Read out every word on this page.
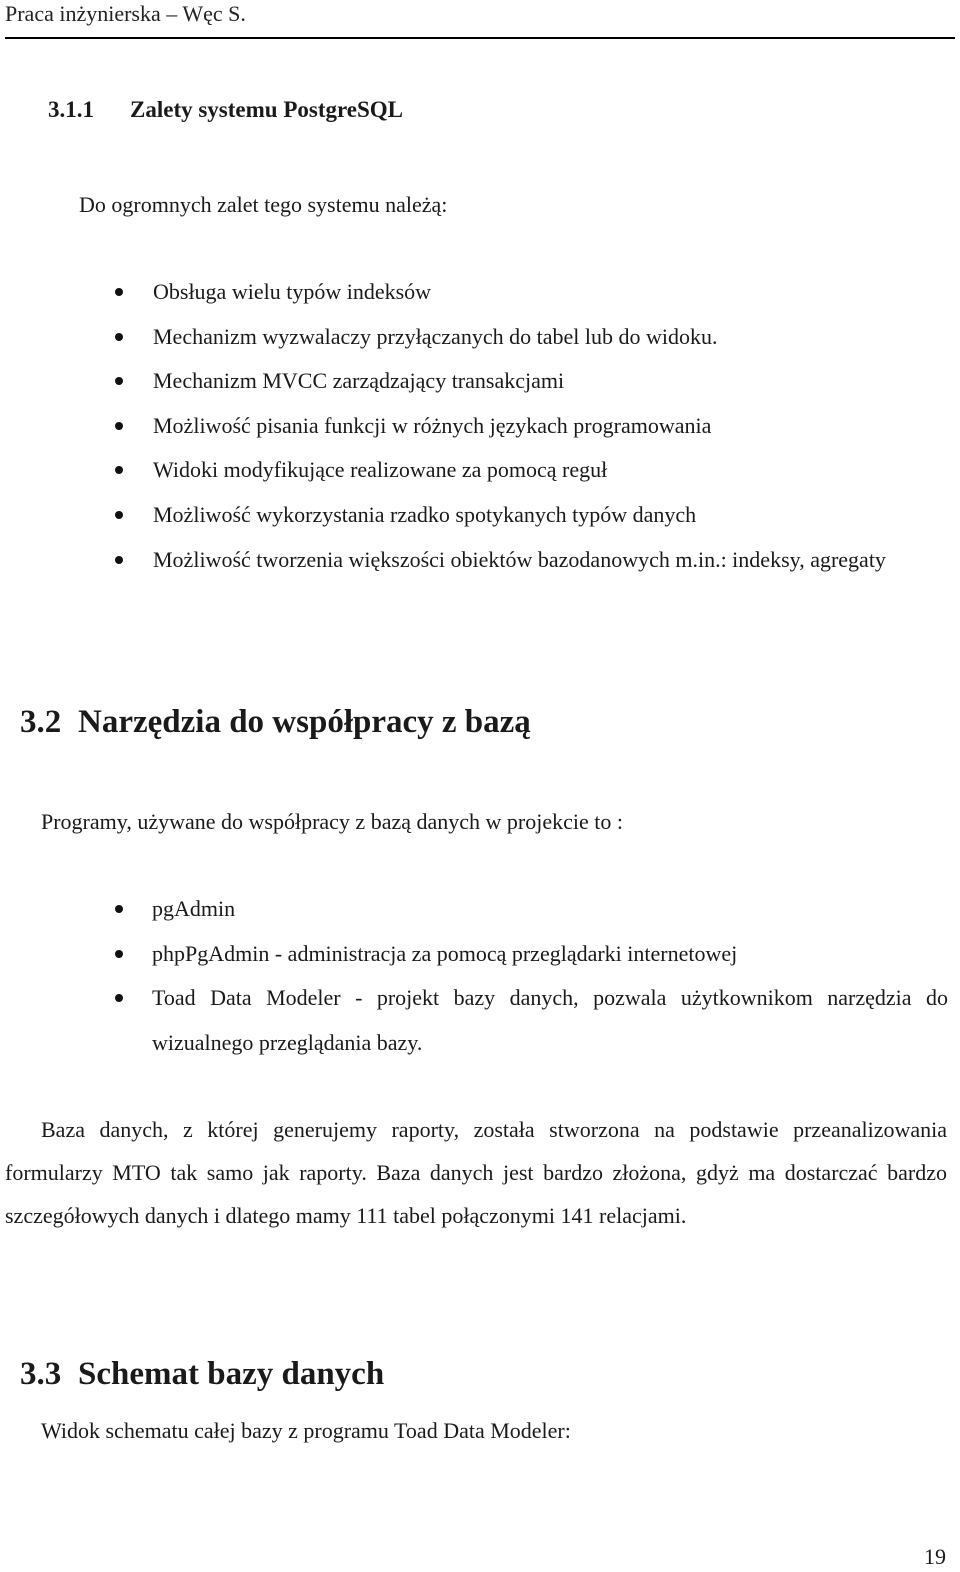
Praca inżynierska – Węc S.
3.1.1 Zalety systemu PostgreSQL
Do ogromnych zalet tego systemu należą:
Obsługa wielu typów indeksów
Mechanizm wyzwalaczy przyłączanych do tabel lub do widoku.
Mechanizm MVCC zarządzający transakcjami
Możliwość pisania funkcji w różnych językach programowania
Widoki modyfikujące realizowane za pomocą reguł
Możliwość wykorzystania rzadko spotykanych typów danych
Możliwość tworzenia większości obiektów bazodanowych m.in.: indeksy, agregaty
3.2 Narzędzia do współpracy z bazą
Programy, używane do współpracy z bazą danych w projekcie to :
pgAdmin
phpPgAdmin - administracja za pomocą przeglądarki internetowej
Toad Data Modeler - projekt bazy danych, pozwala użytkownikom narzędzia do wizualnego przeglądania bazy.
Baza danych, z której generujemy raporty, została stworzona na podstawie przeanalizowania formularzy MTO tak samo jak raporty. Baza danych jest bardzo złożona, gdyż ma dostarczać bardzo szczegółowych danych i dlatego mamy 111 tabel połączonymi 141 relacjami.
3.3 Schemat bazy danych
Widok schematu całej bazy z programu Toad Data Modeler:
19
